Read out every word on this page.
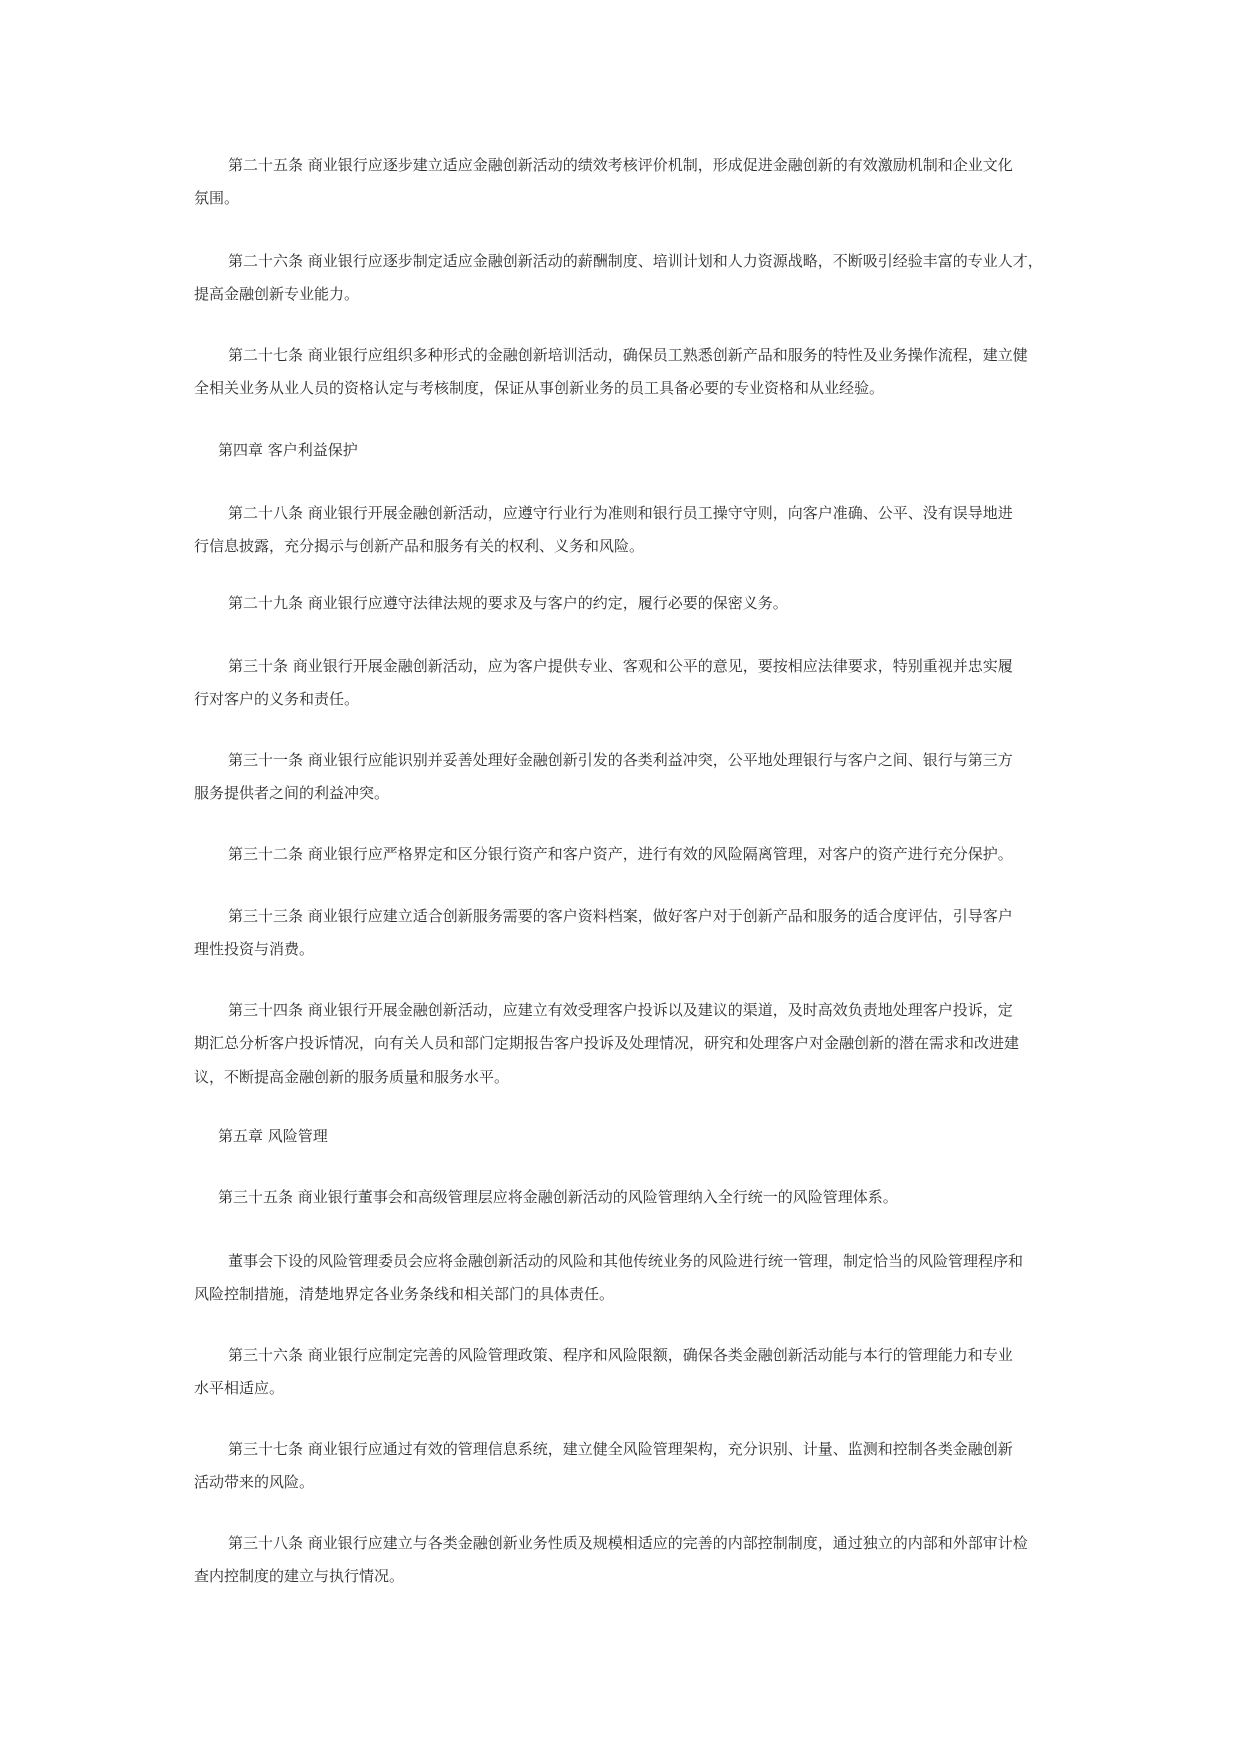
第二十五条 商业银行应逐步建立适应金融创新活动的绩效考核评价机制，形成促进金融创新的有效激励机制和企业文化
氛围。
第二十六条 商业银行应逐步制定适应金融创新活动的薪酬制度、培训计划和人力资源战略，不断吸引经验丰富的专业人才，
提高金融创新专业能力。
第二十七条 商业银行应组织多种形式的金融创新培训活动，确保员工熟悉创新产品和服务的特性及业务操作流程，建立健
全相关业务从业人员的资格认定与考核制度，保证从事创新业务的员工具备必要的专业资格和从业经验。
第四章 客户利益保护
第二十八条 商业银行开展金融创新活动，应遵守行业行为准则和银行员工操守守则，向客户准确、公平、没有误导地进
行信息披露，充分揭示与创新产品和服务有关的权利、义务和风险。
第二十九条 商业银行应遵守法律法规的要求及与客户的约定，履行必要的保密义务。
第三十条 商业银行开展金融创新活动，应为客户提供专业、客观和公平的意见，要按相应法律要求，特别重视并忠实履
行对客户的义务和责任。
第三十一条 商业银行应能识别并妥善处理好金融创新引发的各类利益冲突，公平地处理银行与客户之间、银行与第三方
服务提供者之间的利益冲突。
第三十二条 商业银行应严格界定和区分银行资产和客户资产，进行有效的风险隔离管理，对客户的资产进行充分保护。
第三十三条 商业银行应建立适合创新服务需要的客户资料档案，做好客户对于创新产品和服务的适合度评估，引导客户
理性投资与消费。
第三十四条 商业银行开展金融创新活动，应建立有效受理客户投诉以及建议的渠道，及时高效负责地处理客户投诉，定
期汇总分析客户投诉情况，向有关人员和部门定期报告客户投诉及处理情况，研究和处理客户对金融创新的潜在需求和改进建
议，不断提高金融创新的服务质量和服务水平。
第五章 风险管理
第三十五条 商业银行董事会和高级管理层应将金融创新活动的风险管理纳入全行统一的风险管理体系。
董事会下设的风险管理委员会应将金融创新活动的风险和其他传统业务的风险进行统一管理，制定恰当的风险管理程序和
风险控制措施，清楚地界定各业务条线和相关部门的具体责任。
第三十六条 商业银行应制定完善的风险管理政策、程序和风险限额，确保各类金融创新活动能与本行的管理能力和专业
水平相适应。
第三十七条 商业银行应通过有效的管理信息系统，建立健全风险管理架构，充分识别、计量、监测和控制各类金融创新
活动带来的风险。
第三十八条 商业银行应建立与各类金融创新业务性质及规模相适应的完善的内部控制制度，通过独立的内部和外部审计检
查内控制度的建立与执行情况。
